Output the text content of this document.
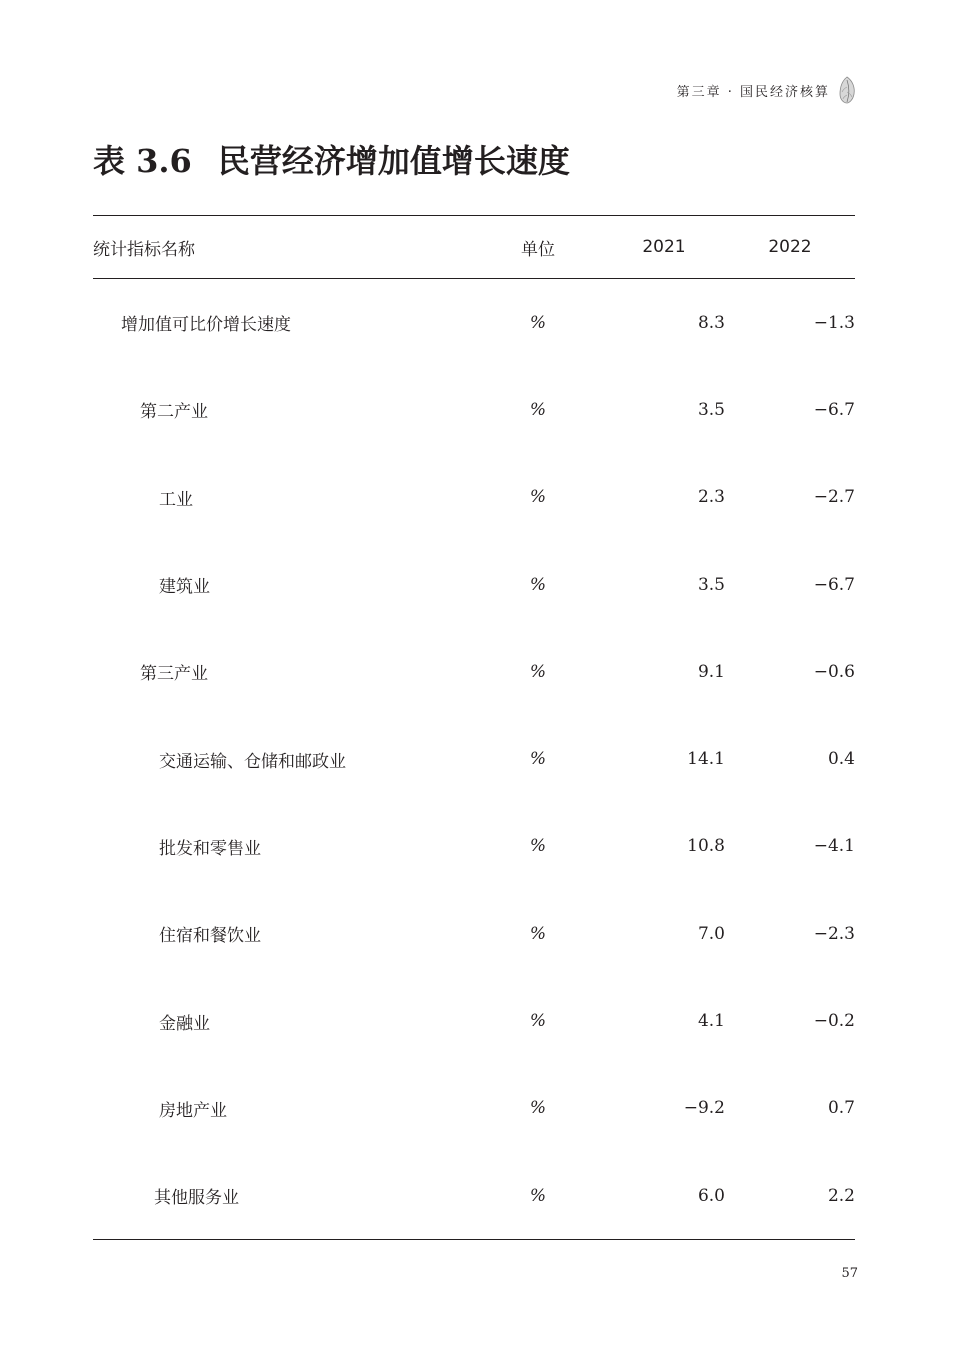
第三章 · 国民经济核算
表 3.6 民营经济增加值增长速度
统计指标名称	单位	2021	2022
增加值可比价增长速度	%	8.3	−1.3
第二产业	%	3.5	−6.7
工业	%	2.3	−2.7
建筑业	%	3.5	−6.7
第三产业	%	9.1	−0.6
交通运输、仓储和邮政业	%	14.1	0.4
批发和零售业	%	10.8	−4.1
住宿和餐饮业	%	7.0	−2.3
金融业	%	4.1	−0.2
房地产业	%	−9.2	0.7
其他服务业	%	6.0	2.2
57
